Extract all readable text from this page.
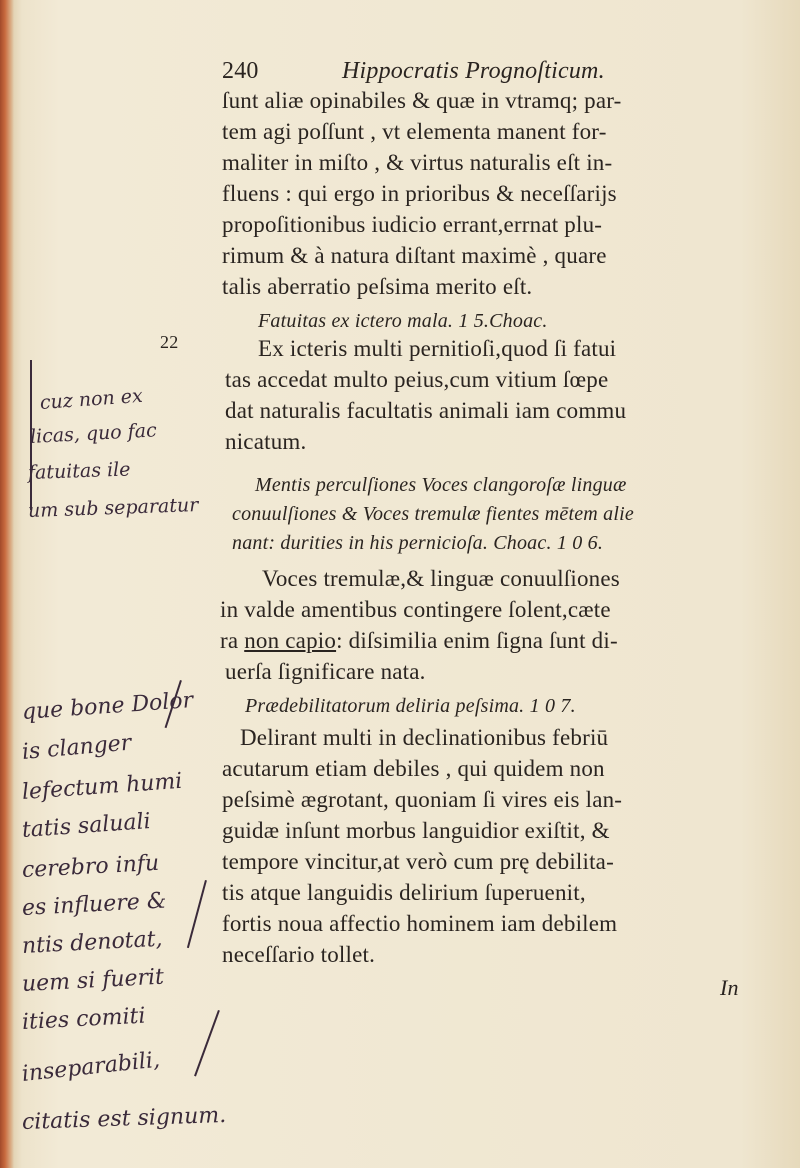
240	Hippocratis Prognoſticum.
ſunt aliæ opinabiles & quæ in vtramq; par-
tem agi poſſunt , vt elementa manent for-
maliter in miſto , & virtus naturalis eſt in-
fluens : qui ergo in prioribus & neceſſarijs
propoſitionibus iudicio errant,errnat plu-
rimum & à natura diſtant maximè , quare
talis aberratio peſsima merito eſt.
Fatuitas ex ictero mala. 1 5.Choac.
22	Ex icteris multi pernitioſi,quod ſi fatui
tas accedat multo peius,cum vitium ſœpe
dat naturalis facultatis animali iam commu
nicatum.
Mentis perculſiones Voces clangoroſæ linguæ
conuulſiones & Voces tremulæ fientes mētem alie
nant: durities in his pernicioſa. Choac. 1 0 6.
Voces tremulæ,& linguæ conuulſiones
in valde amentibus contingere ſolent,cæte
ra non capio: diſsimilia enim ſigna ſunt di-
uerſa ſignificare nata.
Prædebilitatorum deliria peſsima. 1 0 7.
Delirant multi in declinationibus febriū
acutarum etiam debiles , qui quidem non
peſsimè ægrotant, quoniam ſi vires eis lan-
guidæ inſunt morbus languidior exiſtit, &
tempore vincitur,at verò cum prę debilita-
tis atque languidis delirium ſuperuenit,
fortis noua affectio hominem iam debilem
neceſſario tollet.
In
cuz non ex
licas, quo fac
fatuitas ile
um sub separatur
que bone Dolor
is clanger
lefectum humi
tatis saluali
cerebro infu
es influere &
ntis denotat,
uem si fuerit
ities comiti
inseparabili,
citatis est signum.
